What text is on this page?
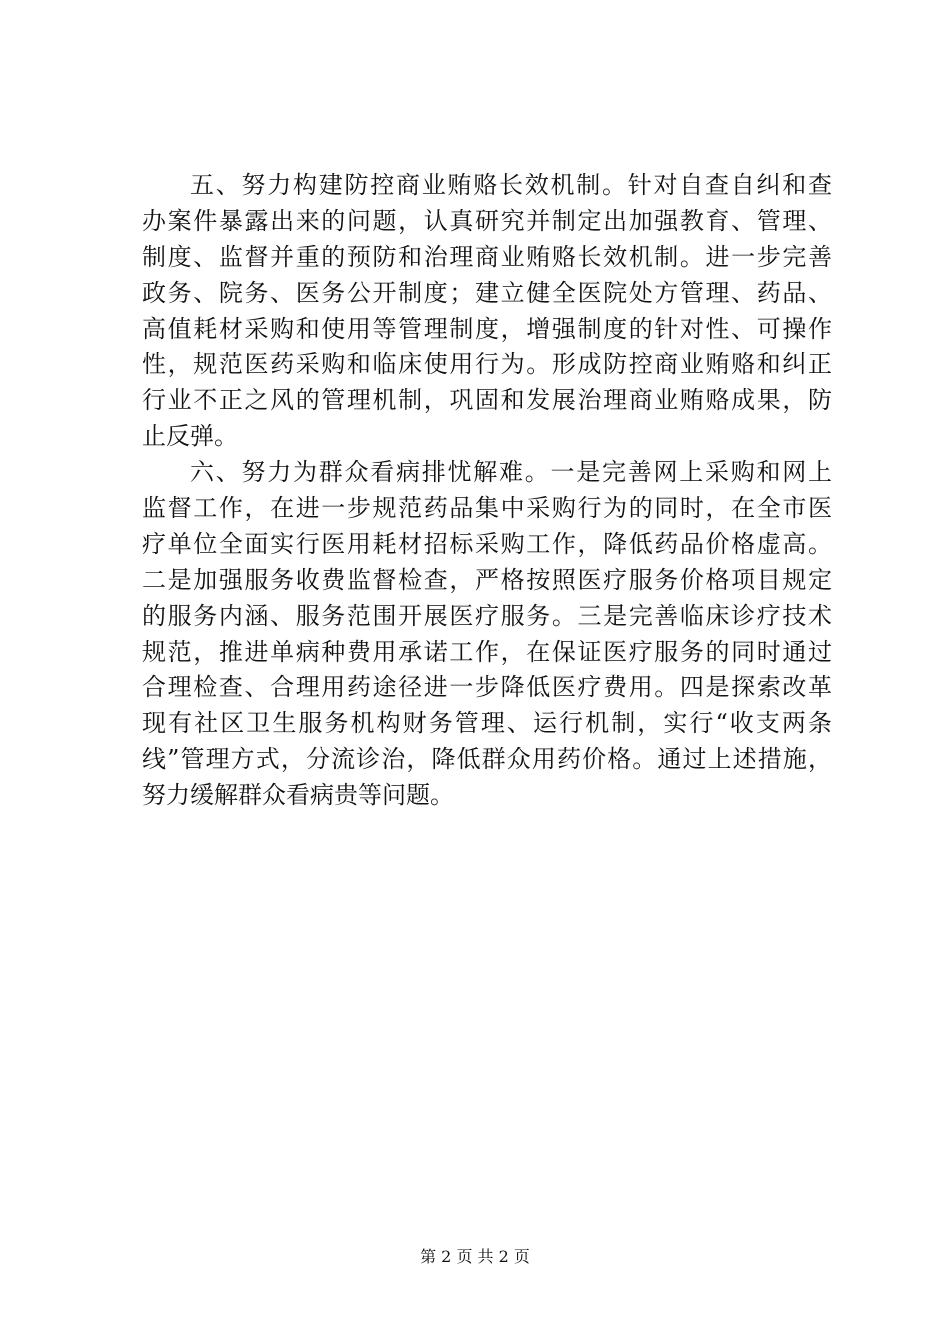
五、努力构建防控商业贿赂长效机制。针对自查自纠和查
办案件暴露出来的问题，认真研究并制定出加强教育、管理、
制度、监督并重的预防和治理商业贿赂长效机制。进一步完善
政务、院务、医务公开制度；建立健全医院处方管理、药品、
高值耗材采购和使用等管理制度，增强制度的针对性、可操作
性，规范医药采购和临床使用行为。形成防控商业贿赂和纠正
行业不正之风的管理机制，巩固和发展治理商业贿赂成果，防
止反弹。
六、努力为群众看病排忧解难。一是完善网上采购和网上
监督工作，在进一步规范药品集中采购行为的同时，在全市医
疗单位全面实行医用耗材招标采购工作，降低药品价格虚高。
二是加强服务收费监督检查，严格按照医疗服务价格项目规定
的服务内涵、服务范围开展医疗服务。三是完善临床诊疗技术
规范，推进单病种费用承诺工作，在保证医疗服务的同时通过
合理检查、合理用药途径进一步降低医疗费用。四是探索改革
现有社区卫生服务机构财务管理、运行机制，实行“收支两条
线”管理方式，分流诊治，降低群众用药价格。通过上述措施，
努力缓解群众看病贵等问题。
第 2 页 共 2 页
